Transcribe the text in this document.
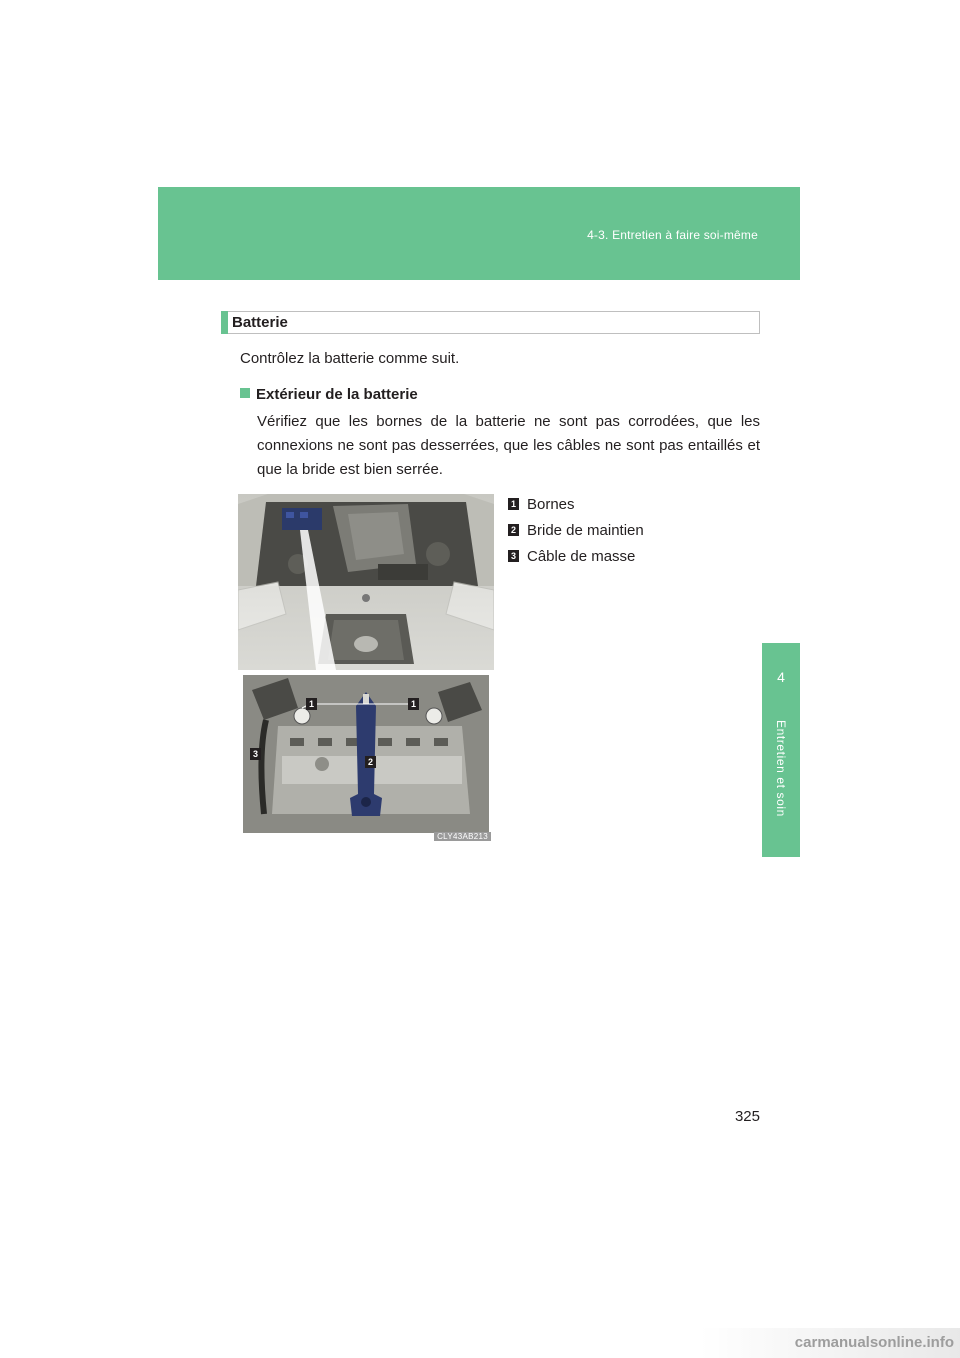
4-3. Entretien à faire soi-même
4
Entretien et soin
Batterie
Contrôlez la batterie comme suit.
Extérieur de la batterie

Vérifiez que les bornes de la batterie ne sont pas corrodées, que les connexions ne sont pas desserrées, que les câbles ne sont pas entaillés et que la bride est bien serrée.

1	1
2
3
CLY43AB213
1 Bornes
2 Bride de maintien
3 Câble de masse
325
carmanualsonline.info
